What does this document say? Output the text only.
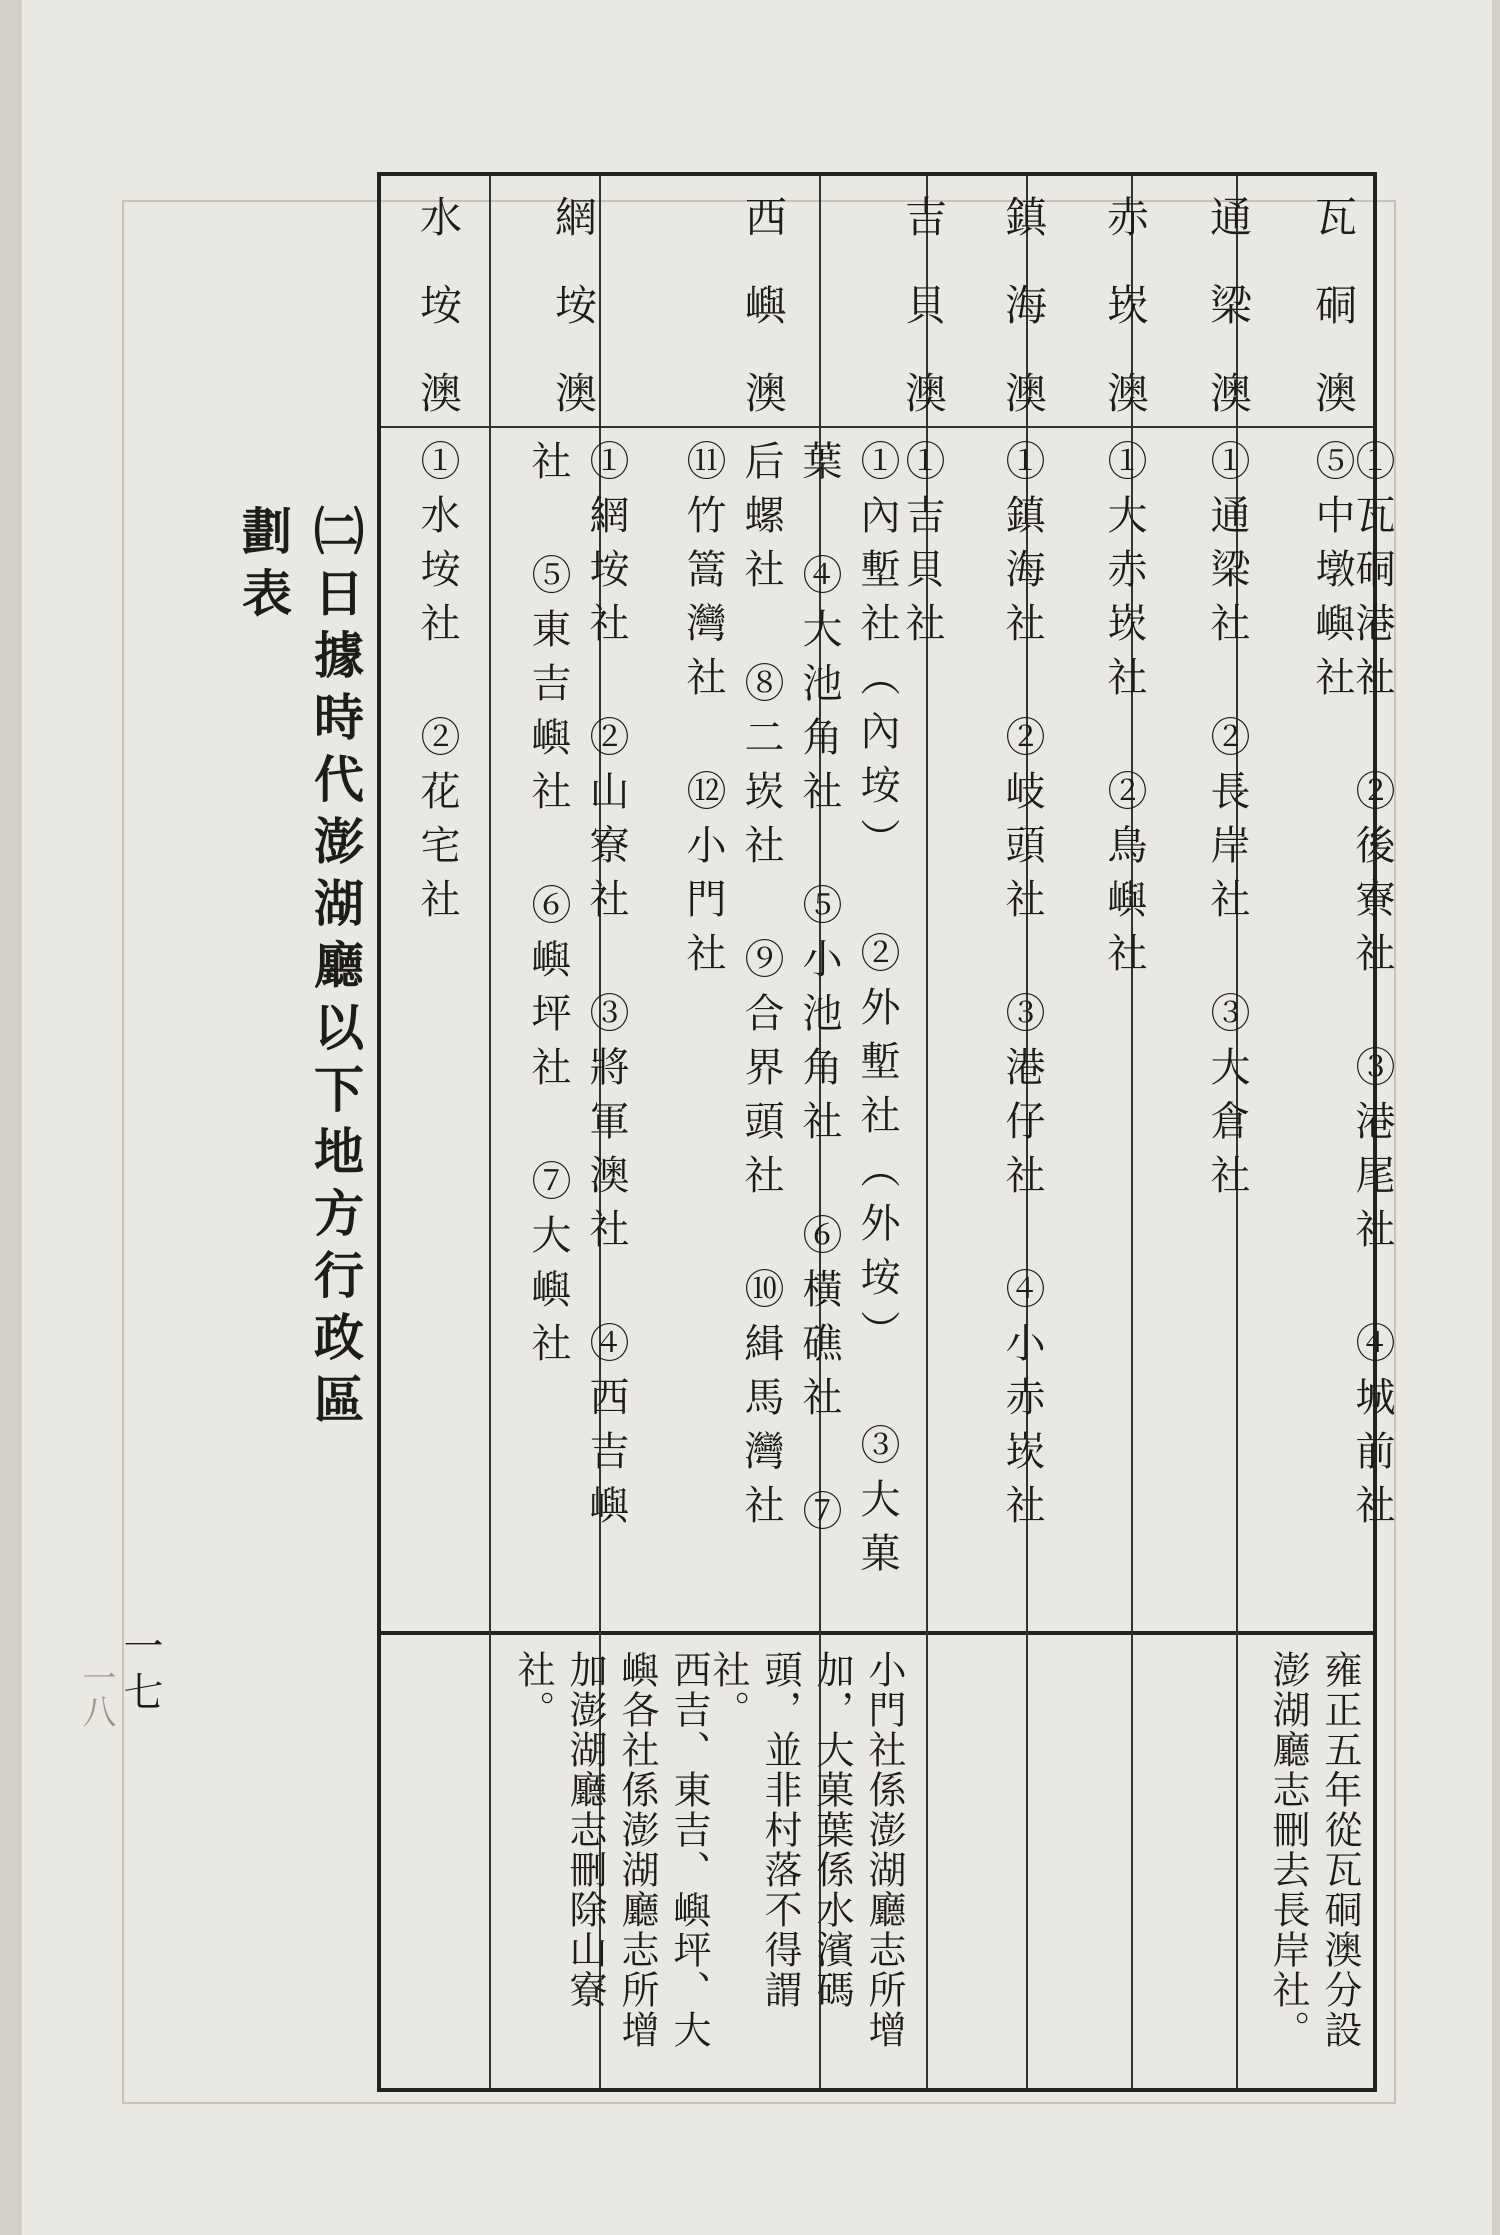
㈡日據時代澎湖廳以下地方行政區劃表
一七
一八
瓦硐澳
①瓦硐港社 ②後寮社 ③港尾社 ④城前社 ⑤中墩嶼社
雍正五年從瓦硐澳分設澎湖廳志刪去長岸社。
通梁澳
①通梁社 ②長岸社 ③大倉社
赤崁澳
①大赤崁社 ②鳥嶼社
鎮海澳
①鎮海社 ②岐頭社 ③港仔社 ④小赤崁社
吉貝澳
①吉貝社
西嶼澳
①內塹社（內垵） ②外塹社（外垵） ③大菓葉 ④大池角社 ⑤小池角社 ⑥橫礁社 ⑦后螺社 ⑧二崁社 ⑨合界頭社 ⑩緝馬灣社 ⑪竹篙灣社 ⑫小門社
小門社係澎湖廳志所增加，大菓葉係水濱碼頭，並非村落不得謂社。
網垵澳
①網垵社 ②山寮社 ③將軍澳社 ④西吉嶼社 ⑤東吉嶼社 ⑥嶼坪社 ⑦大嶼社
西吉、東吉、嶼坪、大嶼各社係澎湖廳志所增加澎湖廳志刪除山寮社。
水垵澳
①水垵社 ②花宅社
